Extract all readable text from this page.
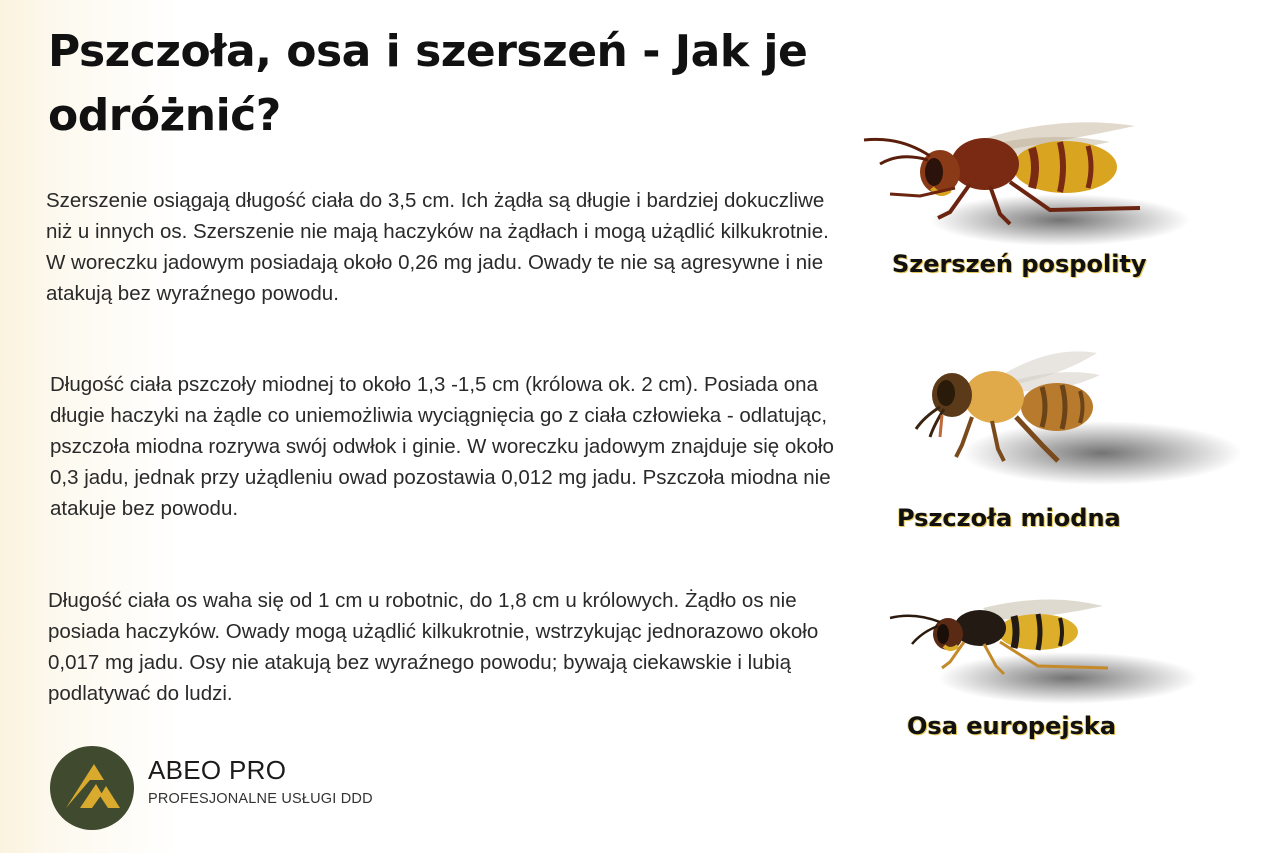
Pszczoła, osa i szerszeń - Jak je odróżnić?

Szerszenie osiągają długość ciała do 3,5 cm. Ich żądła są długie i bardziej dokuczliwe niż u innych os. Szerszenie nie mają haczyków na żądłach i mogą użądlić kilkukrotnie. W woreczku jadowym posiadają około 0,26 mg jadu. Owady te nie są agresywne i nie atakują bez wyraźnego powodu.

Długość ciała pszczoły miodnej to około 1,3 -1,5 cm (królowa ok. 2 cm). Posiada ona długie haczyki na żądle co uniemożliwia wyciągnięcia go z ciała człowieka - odlatując, pszczoła miodna rozrywa swój odwłok i ginie. W woreczku jadowym znajduje się około 0,3 jadu, jednak przy użądleniu owad pozostawia 0,012 mg jadu. Pszczoła miodna nie atakuje bez powodu.

Długość ciała os waha się od 1 cm u robotnic, do 1,8 cm u królowych. Żądło os nie posiada haczyków. Owady mogą użądlić kilkukrotnie, wstrzykując jednorazowo około 0,017 mg jadu. Osy nie atakują bez wyraźnego powodu; bywają ciekawskie i lubią podlatywać do ludzi.

Szerszeń pospolity
Pszczoła miodna
Osa europejska
ABEO PRO
PROFESJONALNE USŁUGI DDD
